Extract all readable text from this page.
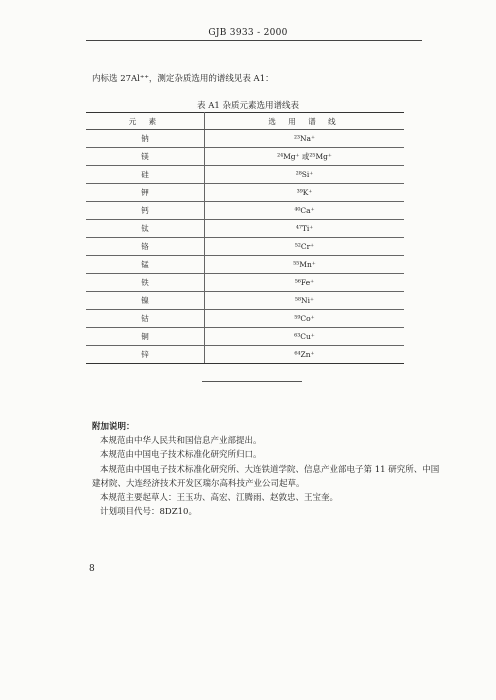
GJB 3933 - 2000
内标选 27Al⁺⁺，测定杂质选用的谱线见表 A1：
表 A1 杂质元素选用谱线表
元 素	选 用 谱 线
钠	²³Na⁺
镁	²⁴Mg⁺ 或²⁵Mg⁺
硅	²⁸Si⁺
钾	³⁹K⁺
钙	⁴⁰Ca⁺
钛	⁴⁷Ti⁺
铬	⁵²Cr⁺
锰	⁵⁵Mn⁺
铁	⁵⁶Fe⁺
镍	⁵⁸Ni⁺
钴	⁵⁹Co⁺
铜	⁶³Cu⁺
锌	⁶⁴Zn⁺
附加说明：

本规范由中华人民共和国信息产业部提出。

本规范由中国电子技术标准化研究所归口。

本规范由中国电子技术标准化研究所、大连铁道学院、信息产业部电子第 11 研究所、中国建材院、大连经济技术开发区瑞尔高科技产业公司起草。

本规范主要起草人：王玉功、高宏、江腾雨、赵敦忠、王宝奎。

计划项目代号：8DZ10。

8
